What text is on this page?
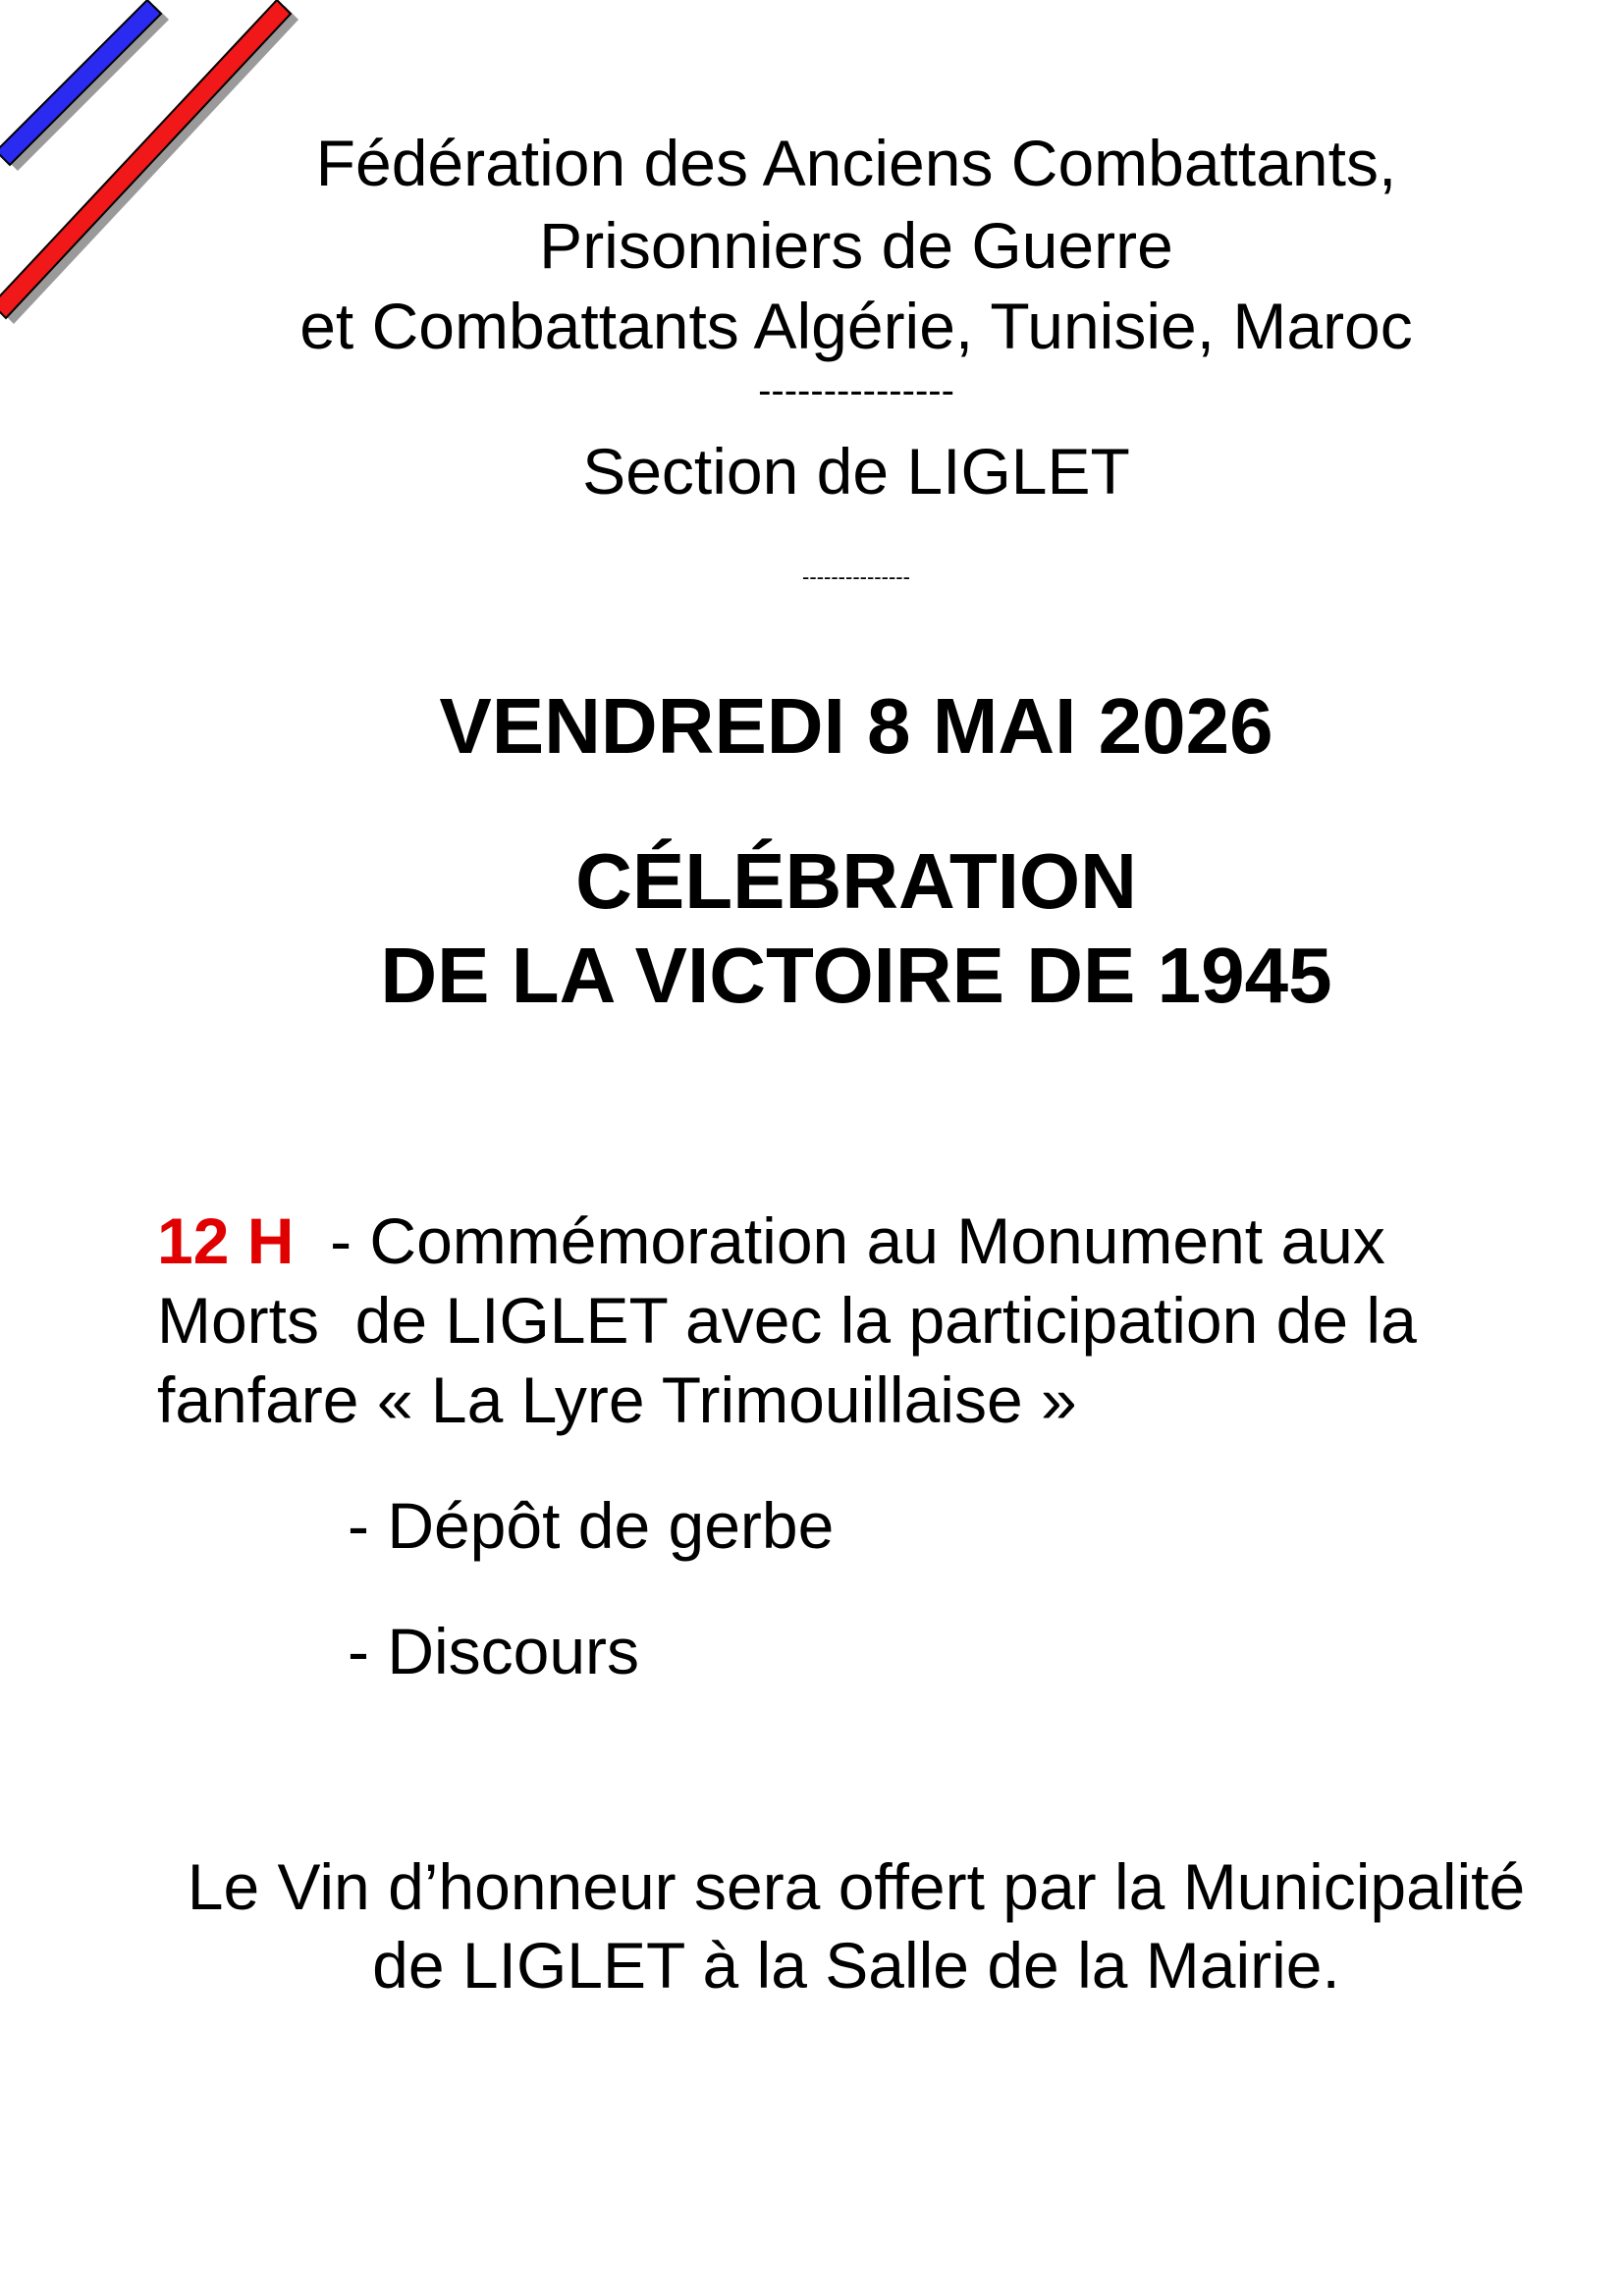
Fédération des Anciens Combattants,
Prisonniers de Guerre
et Combattants Algérie, Tunisie, Maroc
---------------
Section de LIGLET
---------------
VENDREDI 8 MAI 2026
CÉLÉBRATION
DE LA VICTOIRE DE 1945
12 H  - Commémoration au Monument aux
Morts  de LIGLET avec la participation de la
fanfare « La Lyre Trimouillaise »
- Dépôt de gerbe
- Discours
Le Vin d’honneur sera offert par la Municipalité
de LIGLET à la Salle de la Mairie.
